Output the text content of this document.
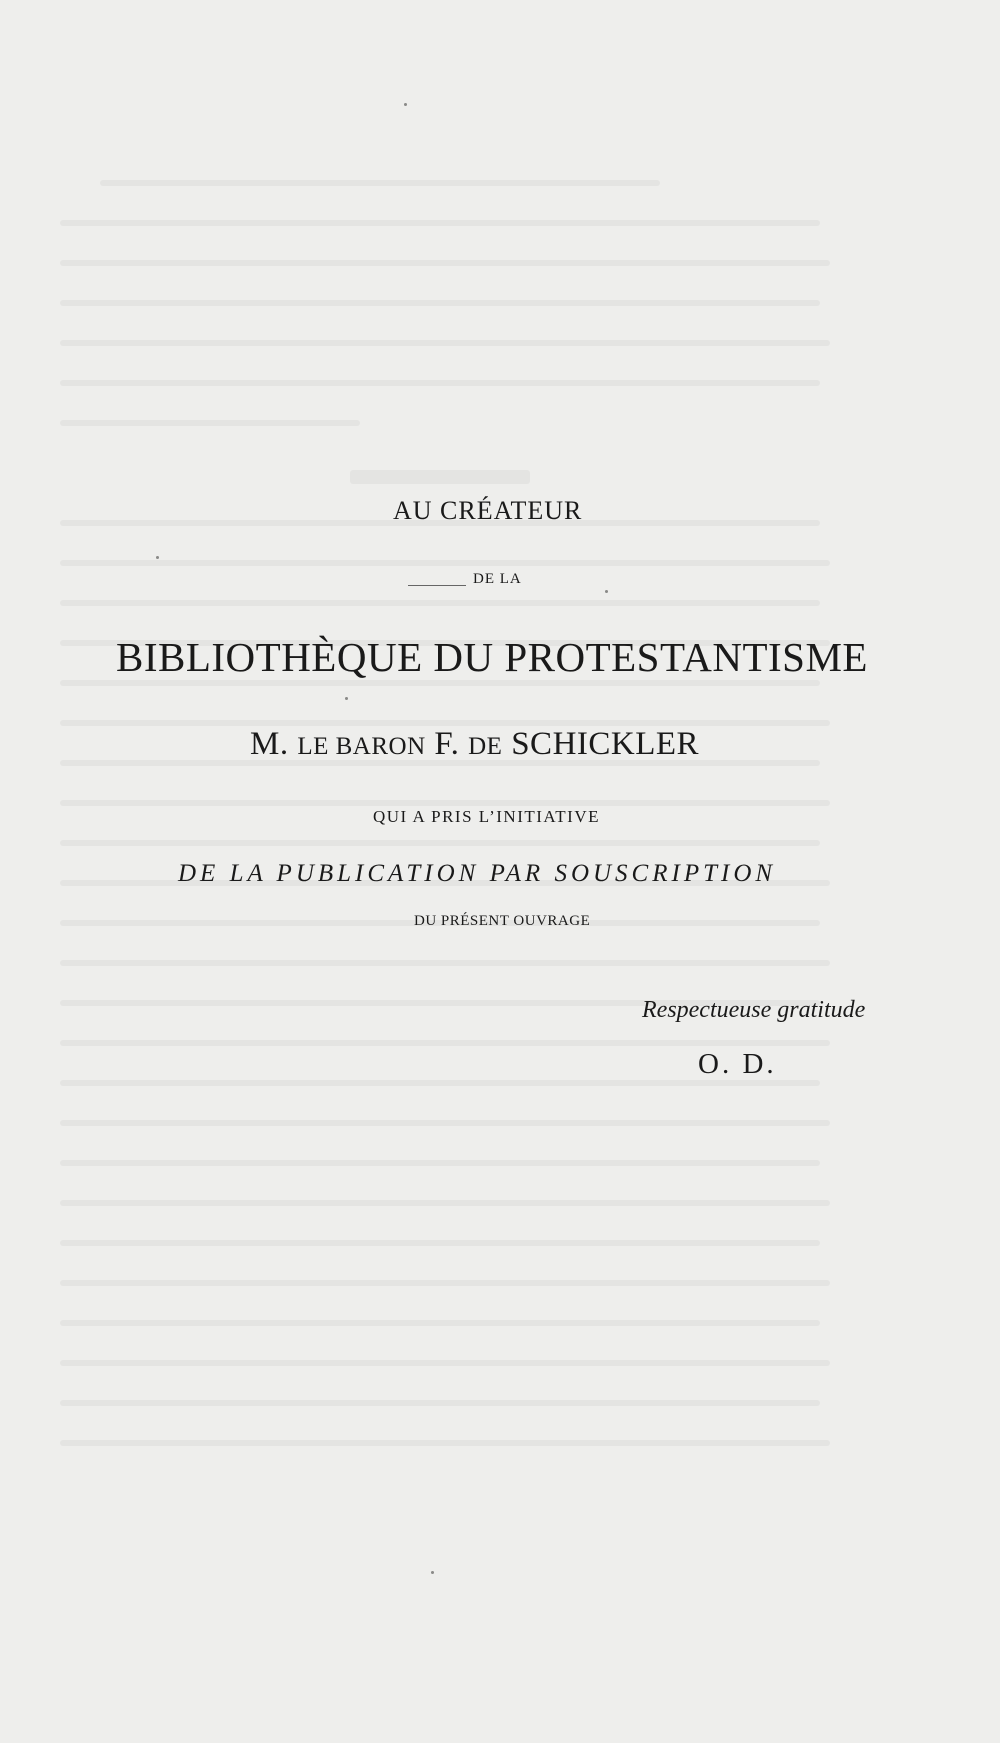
AU CRÉATEUR
DE LA
BIBLIOTHÈQUE DU PROTESTANTISME
M. LE BARON F. DE SCHICKLER
QUI A PRIS L’INITIATIVE
DE LA PUBLICATION PAR SOUSCRIPTION
DU PRÉSENT OUVRAGE
Respectueuse gratitude
O. D.
